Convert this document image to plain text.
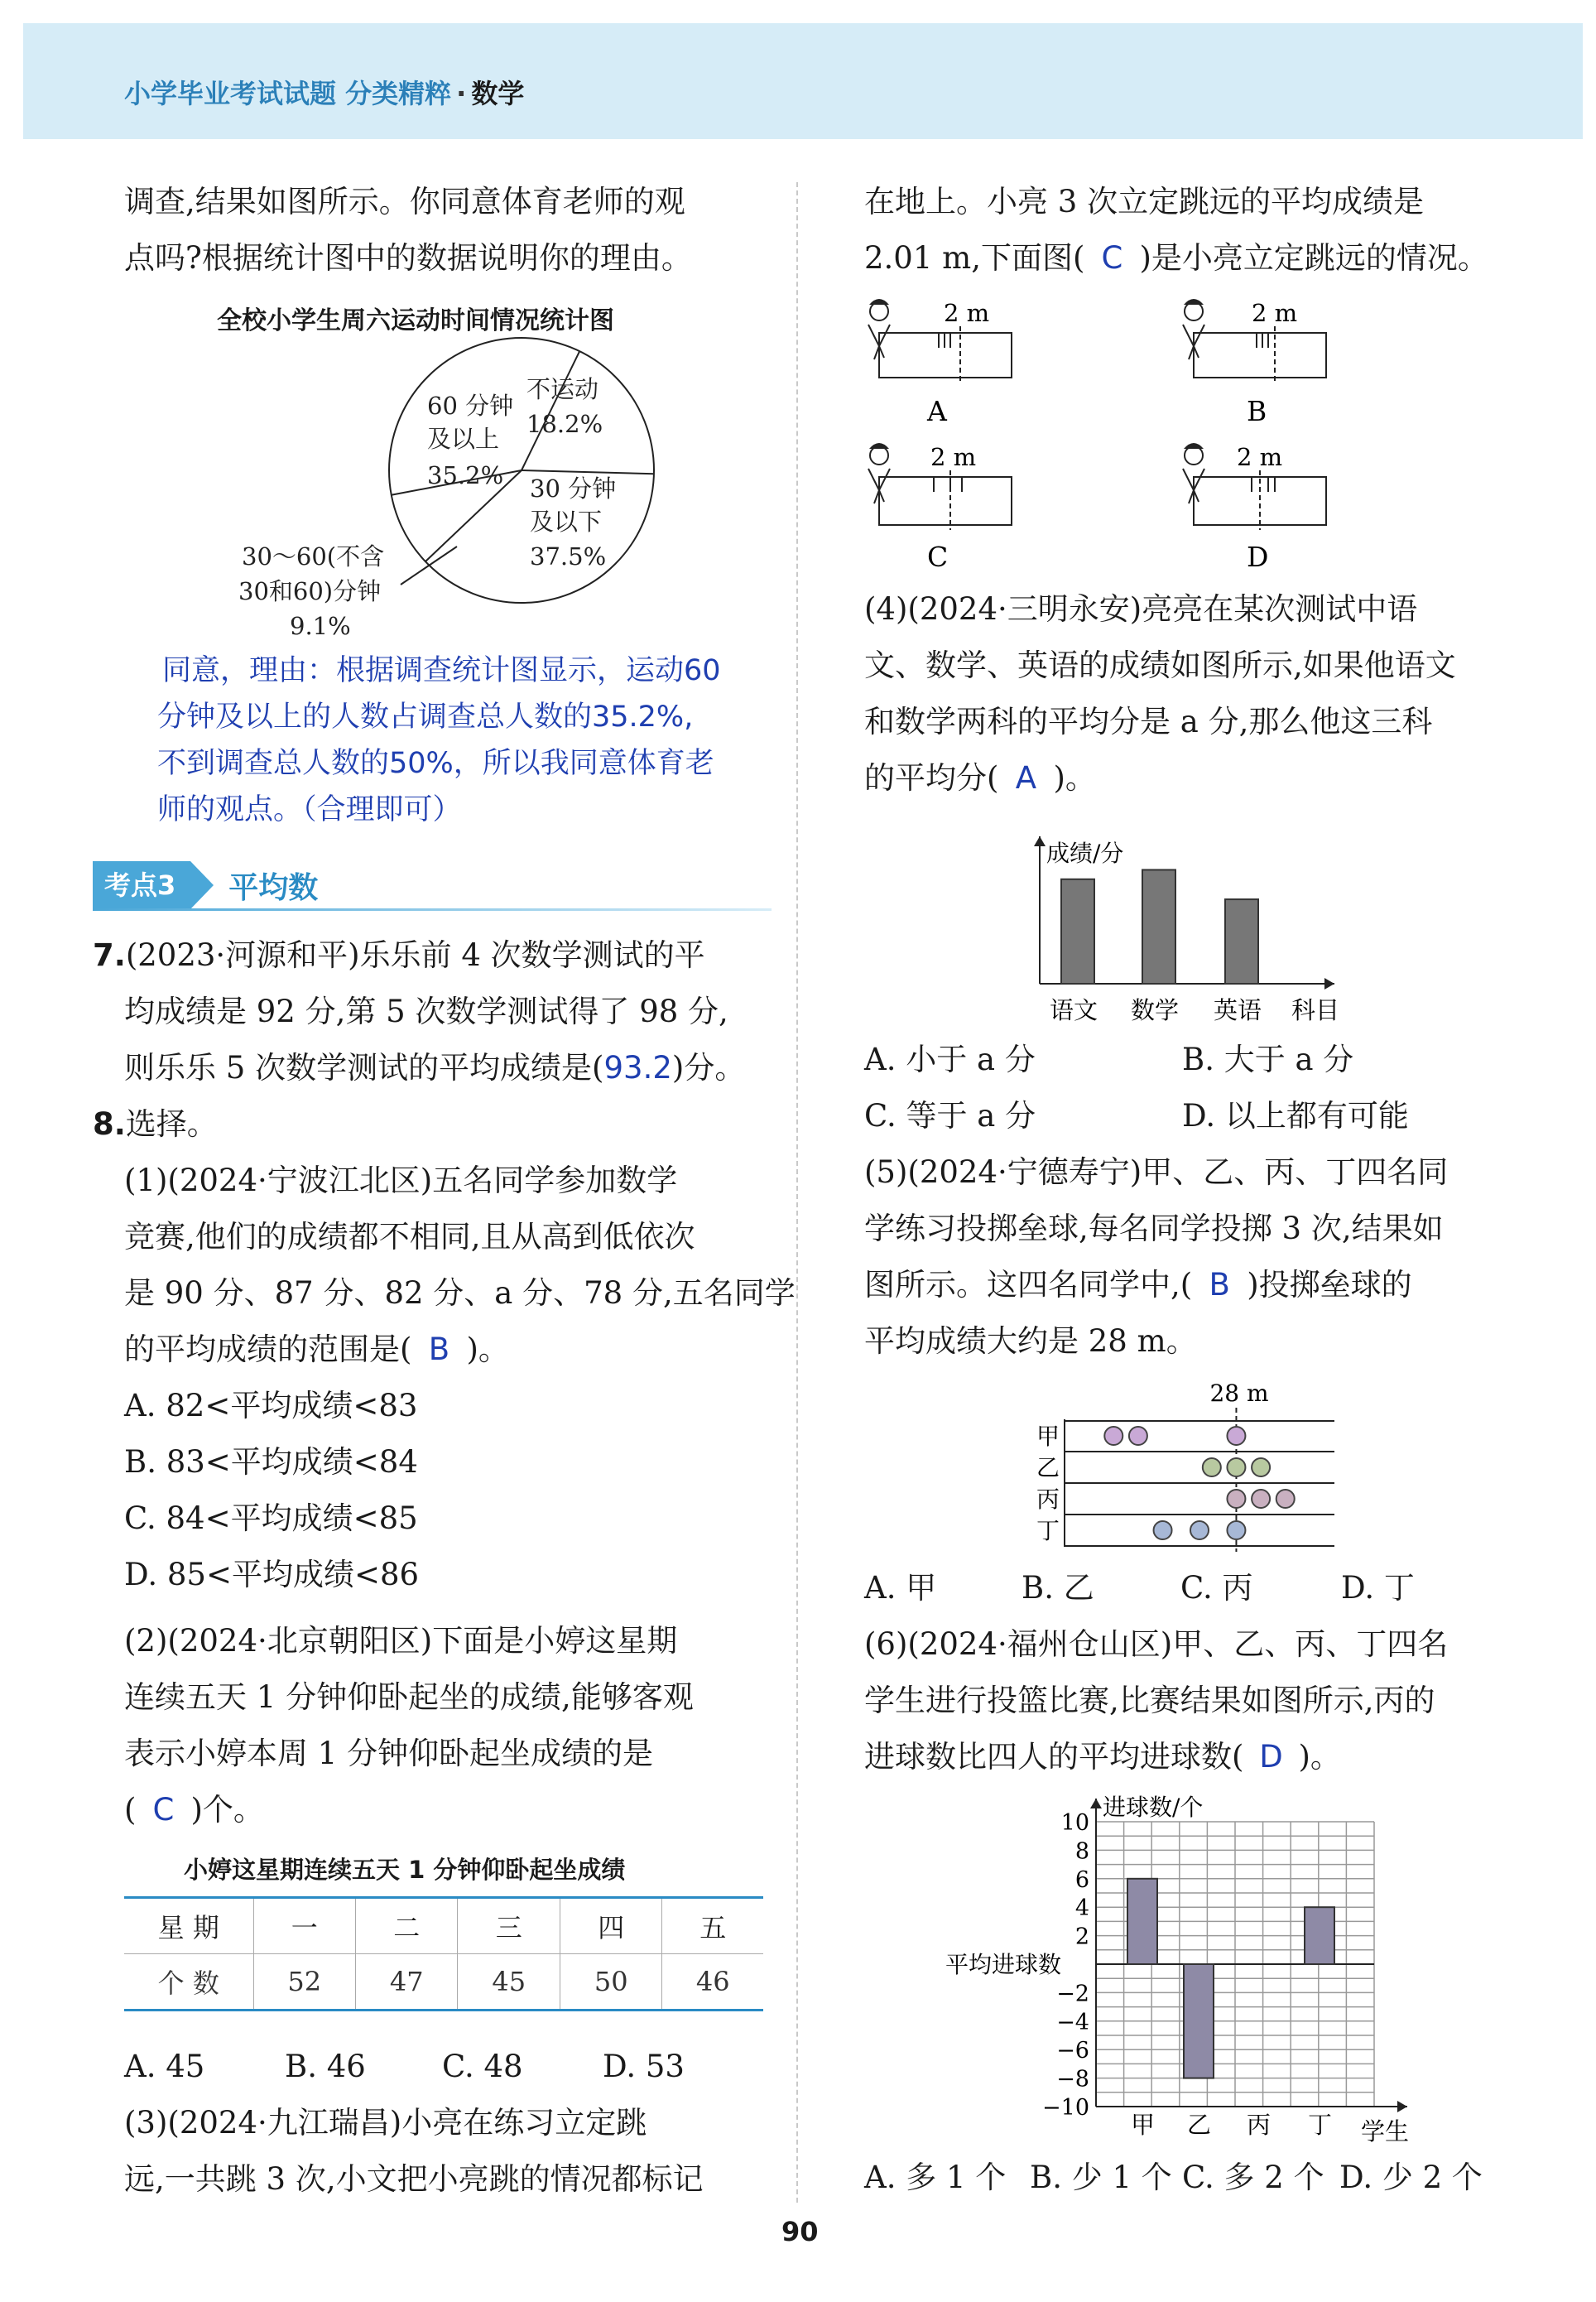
小学毕业考试试题 分类精粹 · 数学
调查,结果如图所示。你同意体育老师的观
点吗?根据统计图中的数据说明你的理由。
全校小学生周六运动时间情况统计图
不运动
18.2%
30 分钟
及以下
37.5%
30～60(不含
30和60)分钟
9.1%
60 分钟
及以上
35.2%
同意，理由：根据调查统计图显示，运动60
分钟及以上的人数占调查总人数的35.2%,
不到调查总人数的50%，所以我同意体育老
师的观点。（合理即可）
考点3	平均数
7.(2023·河源和平)乐乐前 4 次数学测试的平
均成绩是 92 分,第 5 次数学测试得了 98 分,
则乐乐 5 次数学测试的平均成绩是(93.2)分。
8.选择。
(1)(2024·宁波江北区)五名同学参加数学
竞赛,他们的成绩都不相同,且从高到低依次
是 90 分、87 分、82 分、a 分、78 分,五名同学
的平均成绩的范围是( B )。
A. 82<平均成绩<83
B. 83<平均成绩<84
C. 84<平均成绩<85
D. 85<平均成绩<86
(2)(2024·北京朝阳区)下面是小婷这星期
连续五天 1 分钟仰卧起坐的成绩,能够客观
表示小婷本周 1 分钟仰卧起坐成绩的是
( C )个。
小婷这星期连续五天 1 分钟仰卧起坐成绩
星 期	一	二	三	四	五
个 数	52	47	45	50	46
A. 45	B. 46 C. 48	D. 53
(3)(2024·九江瑞昌)小亮在练习立定跳
远,一共跳 3 次,小文把小亮跳的情况都标记
在地上。小亮 3 次立定跳远的平均成绩是
2.01 m,下面图( C )是小亮立定跳远的情况。
2 m
A
2 m
B
2 m
C
2 m
D
(4)(2024·三明永安)亮亮在某次测试中语
文、数学、英语的成绩如图所示,如果他语文
和数学两科的平均分是 a 分,那么他这三科
的平均分( A )。
成绩/分
语文 数学 英语 科目
A. 小于 a 分	B. 大于 a 分
C. 等于 a 分	D. 以上都有可能
(5)(2024·宁德寿宁)甲、乙、丙、丁四名同
学练习投掷垒球,每名同学投掷 3 次,结果如
图所示。这四名同学中,( B )投掷垒球的
平均成绩大约是 28 m。
28 m
甲
乙
丙
丁
A. 甲	B. 乙	C. 丙	D. 丁
(6)(2024·福州仓山区)甲、乙、丙、丁四名
学生进行投篮比赛,比赛结果如图所示,丙的
进球数比四人的平均进球数( D )。
进球数/个
平均进球数
10
8
6
4
2
−2
−4
−6
−8
−10
甲 乙 丙 丁 学生
A. 多 1 个 B. 少 1 个 C. 多 2 个 D. 少 2 个
90
